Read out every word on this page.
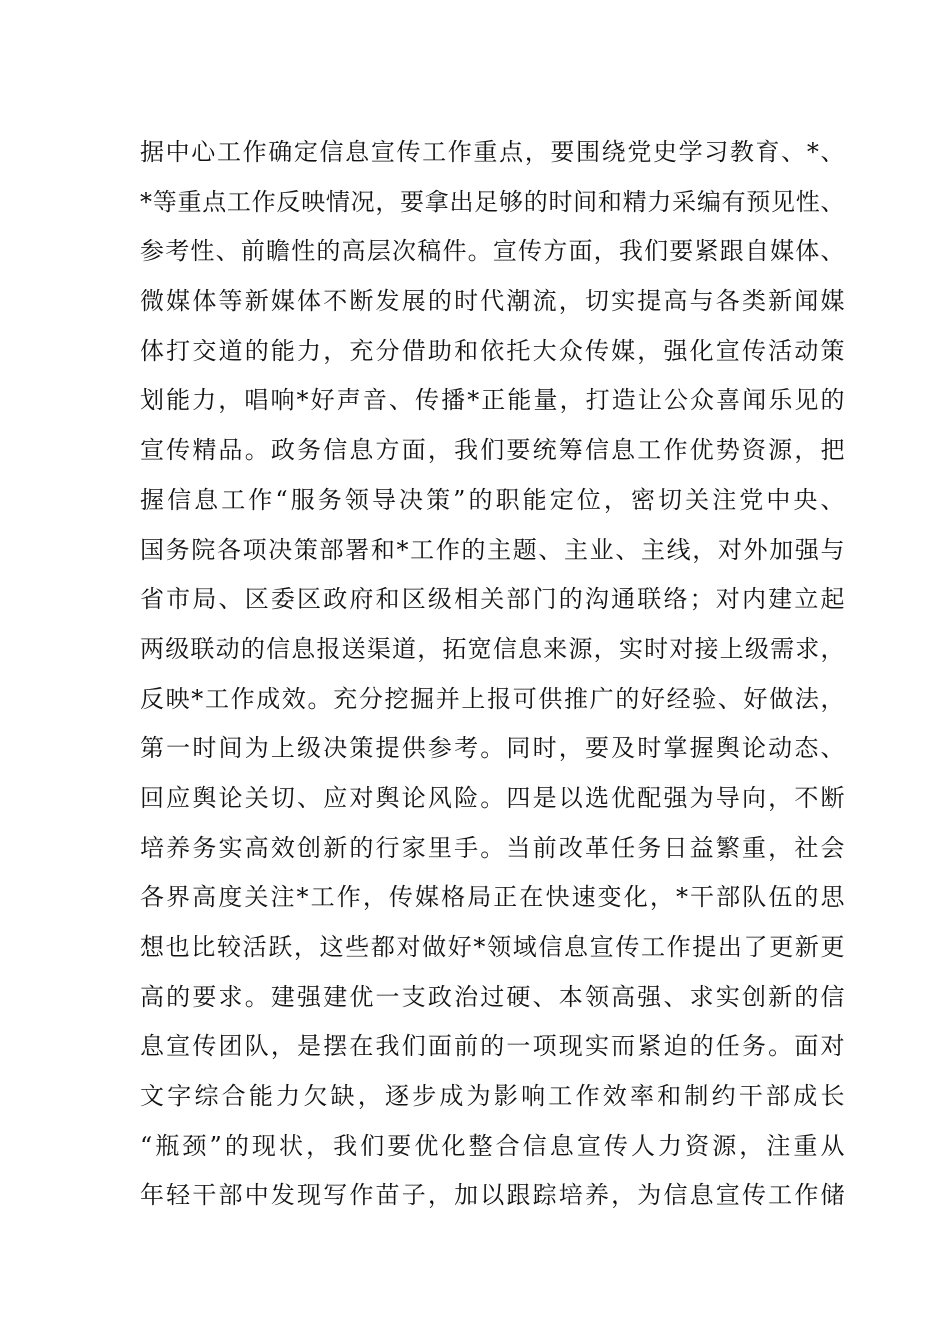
据中心工作确定信息宣传工作重点，要围绕党史学习教育、*、
*等重点工作反映情况，要拿出足够的时间和精力采编有预见性、
参考性、前瞻性的高层次稿件。宣传方面，我们要紧跟自媒体、
微媒体等新媒体不断发展的时代潮流，切实提高与各类新闻媒
体打交道的能力，充分借助和依托大众传媒，强化宣传活动策
划能力，唱响*好声音、传播*正能量，打造让公众喜闻乐见的
宣传精品。政务信息方面，我们要统筹信息工作优势资源，把
握信息工作“服务领导决策”的职能定位，密切关注党中央、
国务院各项决策部署和*工作的主题、主业、主线，对外加强与
省市局、区委区政府和区级相关部门的沟通联络；对内建立起
两级联动的信息报送渠道，拓宽信息来源，实时对接上级需求，
反映*工作成效。充分挖掘并上报可供推广的好经验、好做法，
第一时间为上级决策提供参考。同时，要及时掌握舆论动态、
回应舆论关切、应对舆论风险。四是以选优配强为导向，不断
培养务实高效创新的行家里手。当前改革任务日益繁重，社会
各界高度关注*工作，传媒格局正在快速变化，*干部队伍的思
想也比较活跃，这些都对做好*领域信息宣传工作提出了更新更
高的要求。建强建优一支政治过硬、本领高强、求实创新的信
息宣传团队，是摆在我们面前的一项现实而紧迫的任务。面对
文字综合能力欠缺，逐步成为影响工作效率和制约干部成长
“瓶颈”的现状，我们要优化整合信息宣传人力资源，注重从
年轻干部中发现写作苗子，加以跟踪培养，为信息宣传工作储
